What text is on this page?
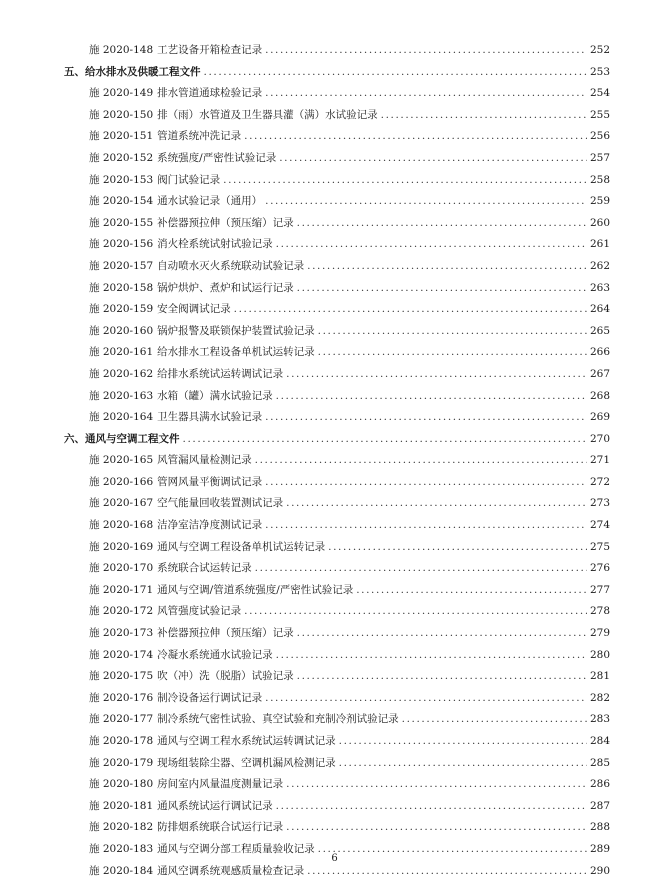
施 2020-148 工艺设备开箱检查记录 .....	252
五、给水排水及供暖工程文件 .....	253
施 2020-149 排水管道通球检验记录 .....	254
施 2020-150 排（雨）水管道及卫生器具灌（满）水试验记录 .....	255
施 2020-151 管道系统冲洗记录 .....	256
施 2020-152 系统强度/严密性试验记录 .....	257
施 2020-153 阀门试验记录 .....	258
施 2020-154 通水试验记录（通用） .....	259
施 2020-155 补偿器预拉伸（预压缩）记录 .....	260
施 2020-156 消火栓系统试射试验记录 .....	261
施 2020-157 自动喷水灭火系统联动试验记录 .....	262
施 2020-158 锅炉烘炉、煮炉和试运行记录 .....	263
施 2020-159 安全阀调试记录 .....	264
施 2020-160 锅炉报警及联锁保护装置试验记录 .....	265
施 2020-161 给水排水工程设备单机试运转记录 .....	266
施 2020-162 给排水系统试运转调试记录 .....	267
施 2020-163 水箱（罐）满水试验记录 .....	268
施 2020-164 卫生器具满水试验记录 .....	269
六、通风与空调工程文件 .....	270
施 2020-165 风管漏风量检测记录 .....	271
施 2020-166 管网风量平衡调试记录 .....	272
施 2020-167 空气能量回收装置测试记录 .....	273
施 2020-168 洁净室洁净度测试记录 .....	274
施 2020-169 通风与空调工程设备单机试运转记录 .....	275
施 2020-170 系统联合试运转记录 .....	276
施 2020-171 通风与空调/管道系统强度/严密性试验记录 .....	277
施 2020-172 风管强度试验记录 .....	278
施 2020-173 补偿器预拉伸（预压缩）记录 .....	279
施 2020-174 冷凝水系统通水试验记录 .....	280
施 2020-175 吹（冲）洗（脱脂）试验记录 .....	281
施 2020-176 制冷设备运行调试记录 .....	282
施 2020-177 制冷系统气密性试验、真空试验和充制冷剂试验记录 .....	283
施 2020-178 通风与空调工程水系统试运转调试记录 .....	284
施 2020-179 现场组装除尘器、空调机漏风检测记录 .....	285
施 2020-180 房间室内风量温度测量记录 .....	286
施 2020-181 通风系统试运行调试记录 .....	287
施 2020-182 防排烟系统联合试运行记录 .....	288
施 2020-183 通风与空调分部工程质量验收记录 .....	289
施 2020-184 通风空调系统观感质量检查记录 .....	290
6
